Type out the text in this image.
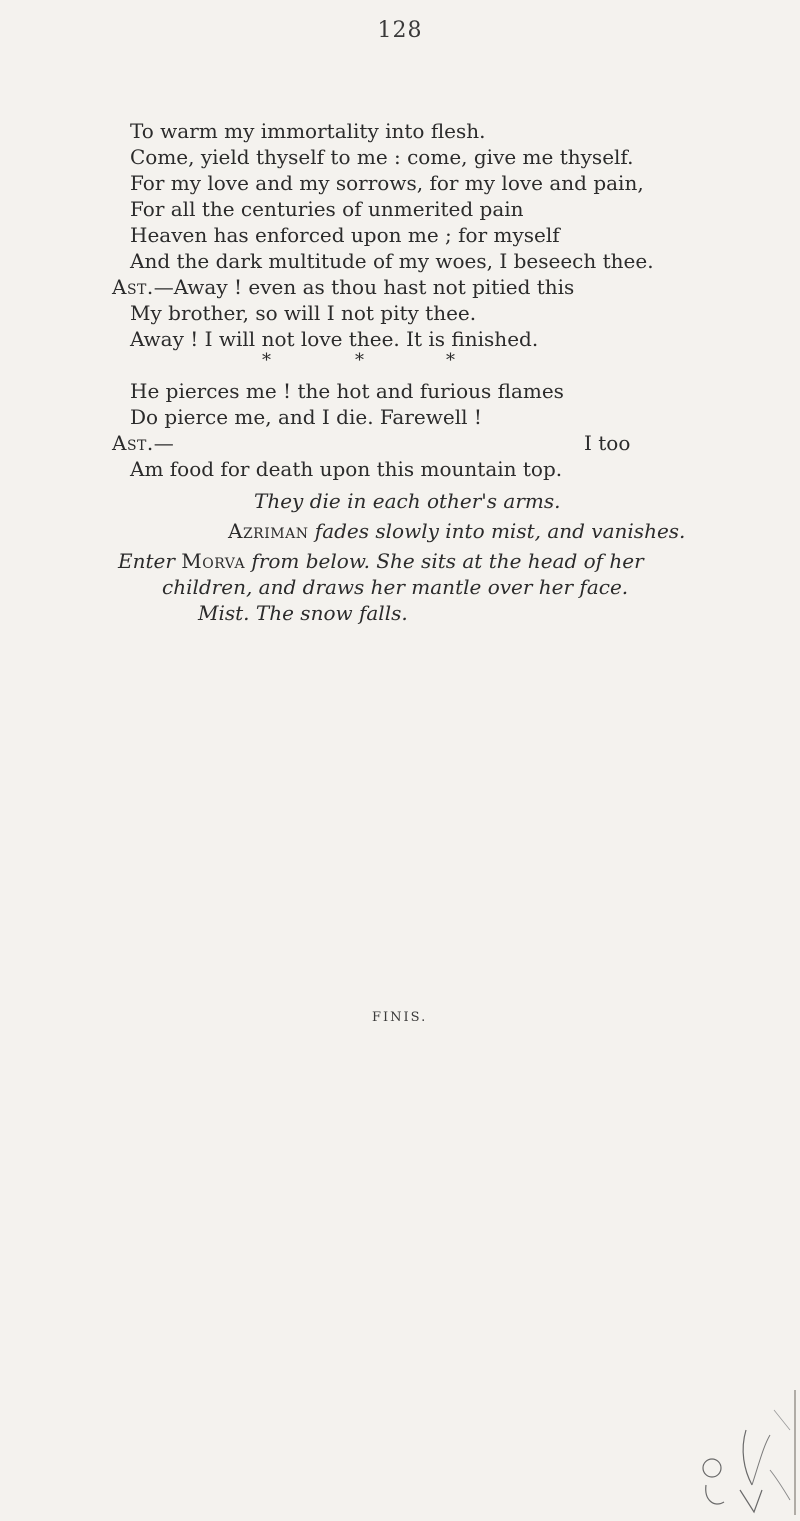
128
To warm my immortality into flesh.
Come, yield thyself to me : come, give me thyself.
For my love and my sorrows, for my love and pain,
For all the centuries of unmerited pain
Heaven has enforced upon me ; for myself
And the dark multitude of my woes, I beseech thee.
Ast.—Away ! even as thou hast not pitied this
My brother, so will I not pity thee.
Away ! I will not love thee. It is finished.
*	*	*
He pierces me ! the hot and furious flames
Do pierce me, and I die. Farewell !
Ast.—	I too
Am food for death upon this mountain top.
They die in each other's arms.
Azriman fades slowly into mist, and vanishes.
Enter Morva from below. She sits at the head of her
children, and draws her mantle over her face.
Mist. The snow falls.
FINIS.
